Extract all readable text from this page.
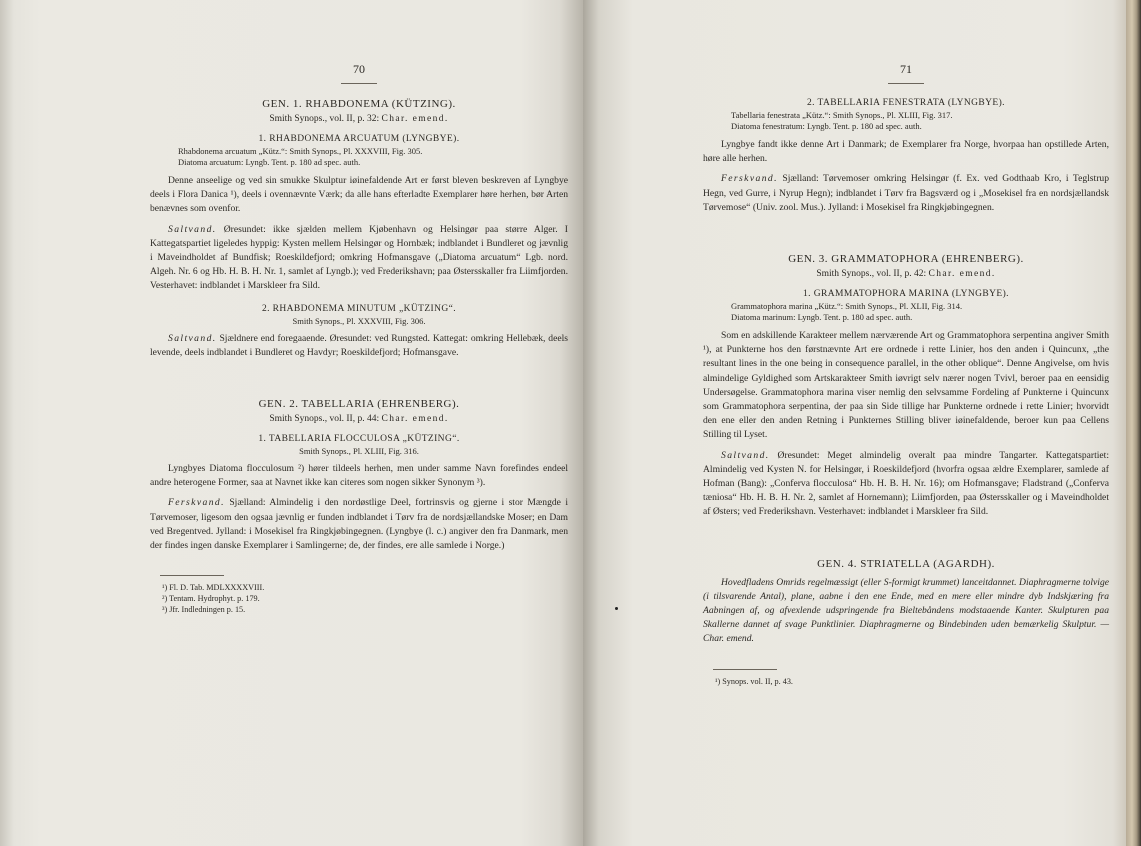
70
GEN. 1. RHABDONEMA (KÜTZING).
Smith Synops., vol. II, p. 32: Char. emend.
1. RHABDONEMA ARCUATUM (LYNGBYE).
Rhabdonema arcuatum „Kütz.“: Smith Synops., Pl. XXXVIII, Fig. 305.
Diatoma arcuatum: Lyngb. Tent. p. 180 ad spec. auth.

Denne anseelige og ved sin smukke Skulptur iøinefaldende Art er først bleven beskreven af Lyngbye deels i Flora Danica ¹), deels i ovennævnte Værk; da alle hans efterladte Exemplarer høre herhen, bør Arten benævnes som ovenfor.

Saltvand. Øresundet: ikke sjælden mellem Kjøbenhavn og Helsingør paa større Alger. I Kattegatspartiet ligeledes hyppig: Kysten mellem Helsingør og Hornbæk; indblandet i Bundleret og jævnlig i Maveindholdet af Bundfisk; Roeskildefjord; omkring Hofmansgave („Diatoma arcuatum“ Lgb. nord. Algeh. Nr. 6 og Hb. H. B. H. Nr. 1, samlet af Lyngb.); ved Frederikshavn; paa Østersskaller fra Liimfjorden. Vesterhavet: indblandet i Marskleer fra Sild.

2. RHABDONEMA MINUTUM „KÜTZING“.
Smith Synops., Pl. XXXVIII, Fig. 306.

Saltvand. Sjældnere end foregaaende. Øresundet: ved Rungsted. Kattegat: omkring Hellebæk, deels levende, deels indblandet i Bundleret og Havdyr; Roeskildefjord; Hofmansgave.

GEN. 2. TABELLARIA (EHRENBERG).
Smith Synops., vol. II, p. 44: Char. emend.
1. TABELLARIA FLOCCULOSA „KÜTZING“.
Smith Synops., Pl. XLIII, Fig. 316.

Lyngbyes Diatoma flocculosum ²) hører tildeels herhen, men under samme Navn forefindes endeel andre heterogene Former, saa at Navnet ikke kan citeres som nogen sikker Synonym ³).

Ferskvand. Sjælland: Almindelig i den nordøstlige Deel, fortrinsvis og gjerne i stor Mængde i Tørvemoser, ligesom den ogsaa jævnlig er funden indblandet i Tørv fra de nordsjællandske Moser; en Dam ved Bregentved. Jylland: i Mosekisel fra Ringkjøbingegnen. (Lyngbye (l. c.) angiver den fra Danmark, men der findes ingen danske Exemplarer i Samlingerne; de, der findes, ere alle samlede i Norge.)

¹) Fl. D. Tab. MDLXXXXVIII.
²) Tentam. Hydrophyt. p. 179.
³) Jfr. Indledningen p. 15.
71
2. TABELLARIA FENESTRATA (LYNGBYE).
Tabellaria fenestrata „Kütz.“: Smith Synops., Pl. XLIII, Fig. 317.
Diatoma fenestratum: Lyngb. Tent. p. 180 ad spec. auth.

Lyngbye fandt ikke denne Art i Danmark; de Exemplarer fra Norge, hvorpaa han opstillede Arten, høre alle herhen.

Ferskvand. Sjælland: Tørvemoser omkring Helsingør (f. Ex. ved Godthaab Kro, i Teglstrup Hegn, ved Gurre, i Nyrup Hegn); indblandet i Tørv fra Bagsværd og i „Mosekisel fra en nordsjællandsk Tørvemose“ (Univ. zool. Mus.). Jylland: i Mosekisel fra Ringkjøbingegnen.

GEN. 3. GRAMMATOPHORA (EHRENBERG).
Smith Synops., vol. II, p. 42: Char. emend.
1. GRAMMATOPHORA MARINA (LYNGBYE).
Grammatophora marina „Kütz.“: Smith Synops., Pl. XLII, Fig. 314.
Diatoma marinum: Lyngb. Tent. p. 180 ad spec. auth.

Som en adskillende Karakteer mellem nærværende Art og Grammatophora serpentina angiver Smith ¹), at Punkterne hos den førstnævnte Art ere ordnede i rette Linier, hos den anden i Quincunx, „the resultant lines in the one being in consequence parallel, in the other oblique“. Denne Angivelse, om hvis almindelige Gyldighed som Artskarakteer Smith iøvrigt selv nærer nogen Tvivl, beroer paa en eensidig Undersøgelse. Grammatophora marina viser nemlig den selvsamme Fordeling af Punkterne i Quincunx som Grammatophora serpentina, der paa sin Side tillige har Punkterne ordnede i rette Linier; hvorvidt den ene eller den anden Retning i Punkternes Stilling bliver iøinefaldende, beroer kun paa Cellens Stilling til Lyset.

Saltvand. Øresundet: Meget almindelig overalt paa mindre Tangarter. Kattegatspartiet: Almindelig ved Kysten N. for Helsingør, i Roeskildefjord (hvorfra ogsaa ældre Exemplarer, samlede af Hofman (Bang): „Conferva flocculosa“ Hb. H. B. H. Nr. 16); om Hofmansgave; Fladstrand („Conferva tæniosa“ Hb. H. B. H. Nr. 2, samlet af Hornemann); Liimfjorden, paa Østersskaller og i Maveindholdet af Østers; ved Frederikshavn. Vesterhavet: indblandet i Marskleer fra Sild.

GEN. 4. STRIATELLA (AGARDH).

Hovedfladens Omrids regelmæssigt (eller S-formigt krummet) lanceitdannet. Diaphragmerne tolvige (i tilsvarende Antal), plane, aabne i den ene Ende, med en mere eller mindre dyb Indskjæring fra Aabningen af, og afvexlende udspringende fra Bieltebåndens modstaaende Kanter. Skulpturen paa Skallerne dannet af svage Punktlinier. Diaphragmerne og Bindebinden uden bemærkelig Skulptur. — Char. emend.

¹) Synops. vol. II, p. 43.
